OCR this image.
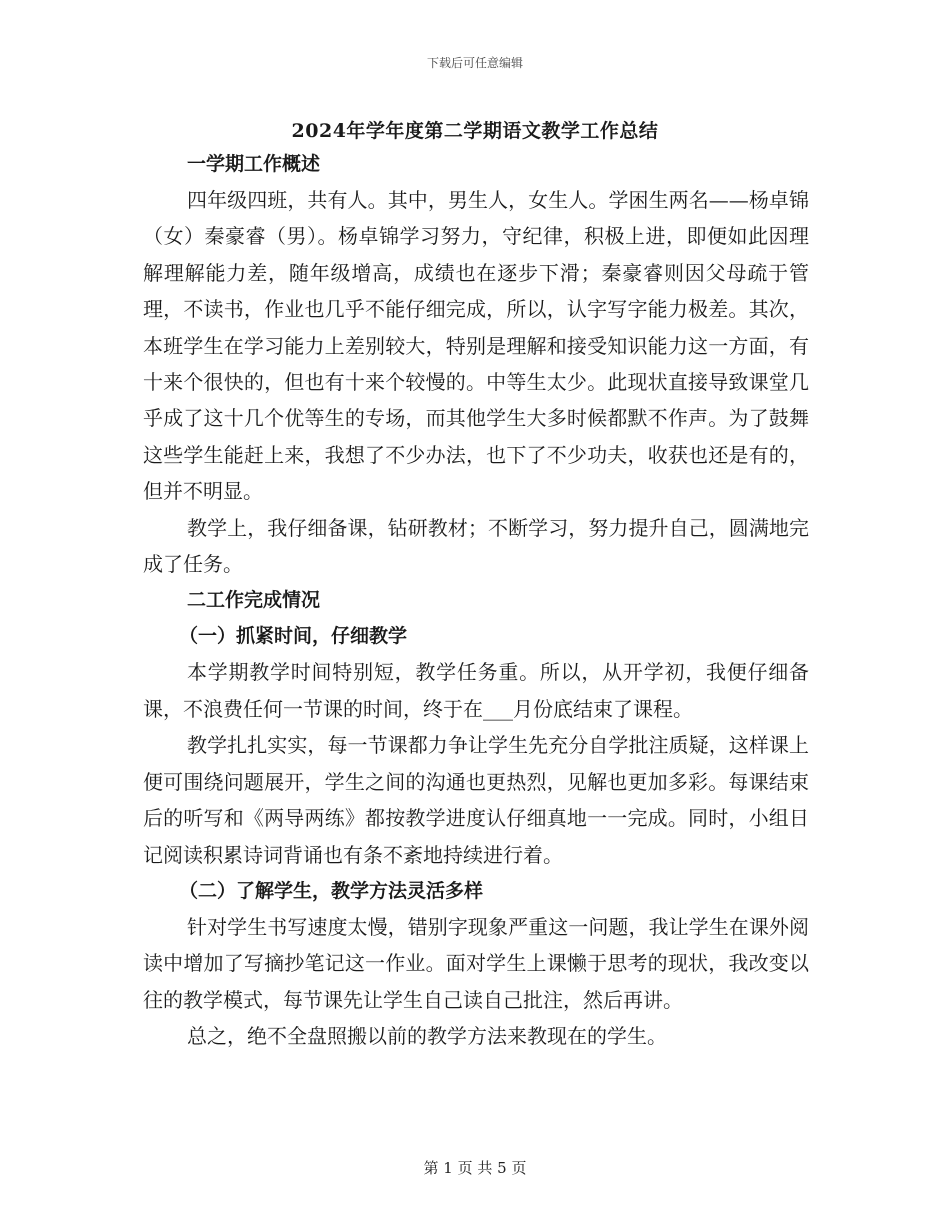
下载后可任意编辑
2024年学年度第二学期语文教学工作总结
一学期工作概述

四年级四班，共有人。其中，男生人，女生人。学困生两名——杨卓锦（女）秦豪睿（男）。杨卓锦学习努力，守纪律，积极上进，即便如此因理解理解能力差，随年级增高，成绩也在逐步下滑；秦豪睿则因父母疏于管理，不读书，作业也几乎不能仔细完成，所以，认字写字能力极差。其次，本班学生在学习能力上差别较大，特别是理解和接受知识能力这一方面，有十来个很快的，但也有十来个较慢的。中等生太少。此现状直接导致课堂几乎成了这十几个优等生的专场，而其他学生大多时候都默不作声。为了鼓舞这些学生能赶上来，我想了不少办法，也下了不少功夫，收获也还是有的，但并不明显。

教学上，我仔细备课，钻研教材；不断学习，努力提升自己，圆满地完成了任务。

二工作完成情况
（一）抓紧时间，仔细教学

本学期教学时间特别短，教学任务重。所以，从开学初，我便仔细备课，不浪费任何一节课的时间，终于在___月份底结束了课程。

教学扎扎实实，每一节课都力争让学生先充分自学批注质疑，这样课上便可围绕问题展开，学生之间的沟通也更热烈，见解也更加多彩。每课结束后的听写和《两导两练》都按教学进度认仔细真地一一完成。同时，小组日记阅读积累诗词背诵也有条不紊地持续进行着。

（二）了解学生，教学方法灵活多样

针对学生书写速度太慢，错别字现象严重这一问题，我让学生在课外阅读中增加了写摘抄笔记这一作业。面对学生上课懒于思考的现状，我改变以往的教学模式，每节课先让学生自己读自己批注，然后再讲。

总之，绝不全盘照搬以前的教学方法来教现在的学生。

第 1 页 共 5 页
